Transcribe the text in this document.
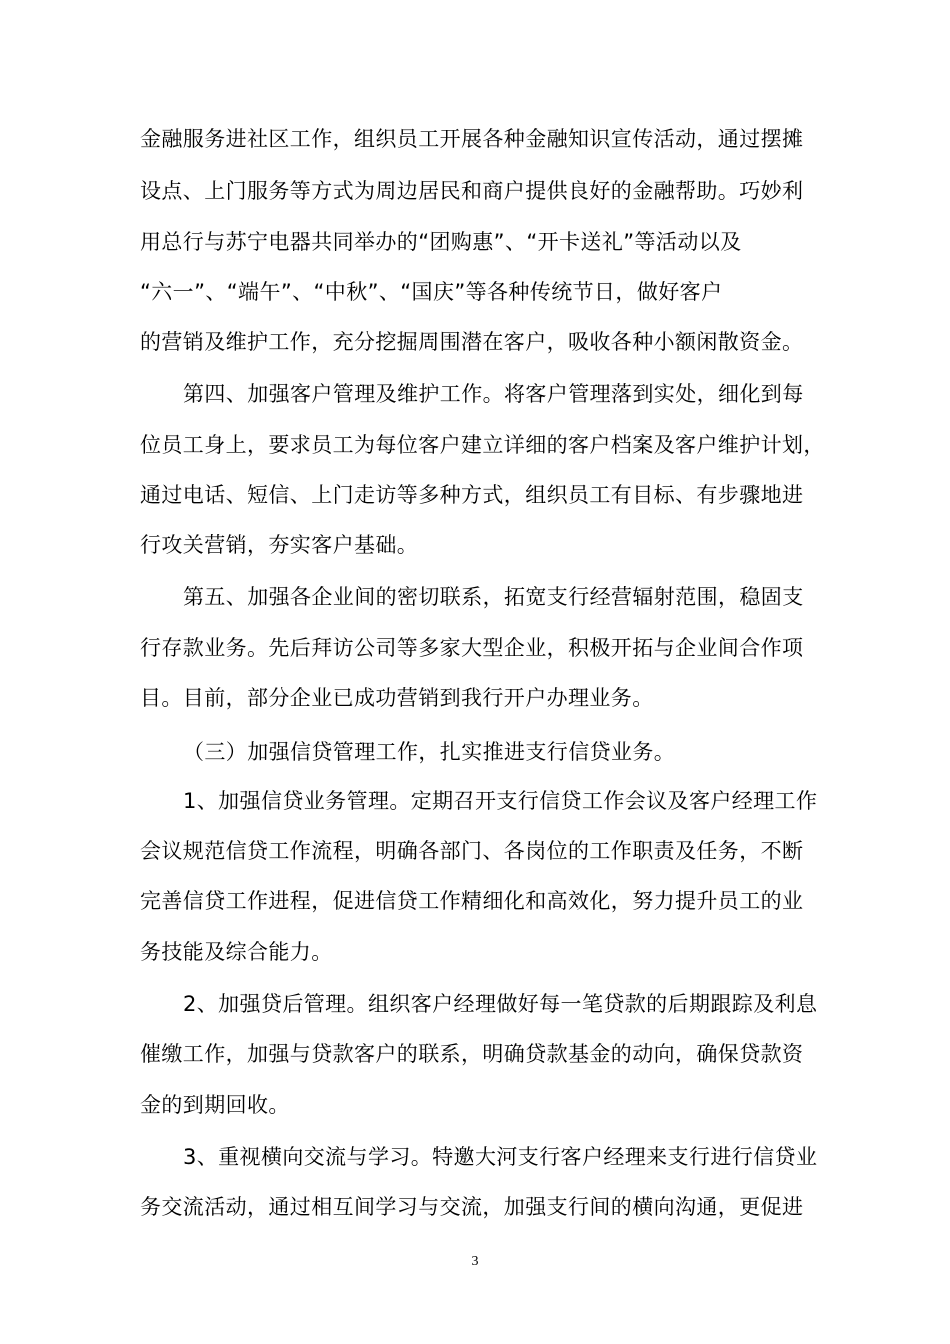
金融服务进社区工作，组织员工开展各种金融知识宣传活动，通过摆摊
设点、上门服务等方式为周边居民和商户提供良好的金融帮助。巧妙利
用总行与苏宁电器共同举办的“团购惠”、“开卡送礼”等活动以及
“六一”、“端午”、“中秋”、“国庆”等各种传统节日，做好客户
的营销及维护工作，充分挖掘周围潜在客户，吸收各种小额闲散资金。
第四、加强客户管理及维护工作。将客户管理落到实处，细化到每
位员工身上，要求员工为每位客户建立详细的客户档案及客户维护计划，
通过电话、短信、上门走访等多种方式，组织员工有目标、有步骤地进
行攻关营销，夯实客户基础。
第五、加强各企业间的密切联系，拓宽支行经营辐射范围，稳固支
行存款业务。先后拜访公司等多家大型企业，积极开拓与企业间合作项
目。目前，部分企业已成功营销到我行开户办理业务。
（三）加强信贷管理工作，扎实推进支行信贷业务。
1、加强信贷业务管理。定期召开支行信贷工作会议及客户经理工作
会议规范信贷工作流程，明确各部门、各岗位的工作职责及任务，不断
完善信贷工作进程，促进信贷工作精细化和高效化，努力提升员工的业
务技能及综合能力。
2、加强贷后管理。组织客户经理做好每一笔贷款的后期跟踪及利息
催缴工作，加强与贷款客户的联系，明确贷款基金的动向，确保贷款资
金的到期回收。
3、重视横向交流与学习。特邀大河支行客户经理来支行进行信贷业
务交流活动，通过相互间学习与交流，加强支行间的横向沟通，更促进
3
